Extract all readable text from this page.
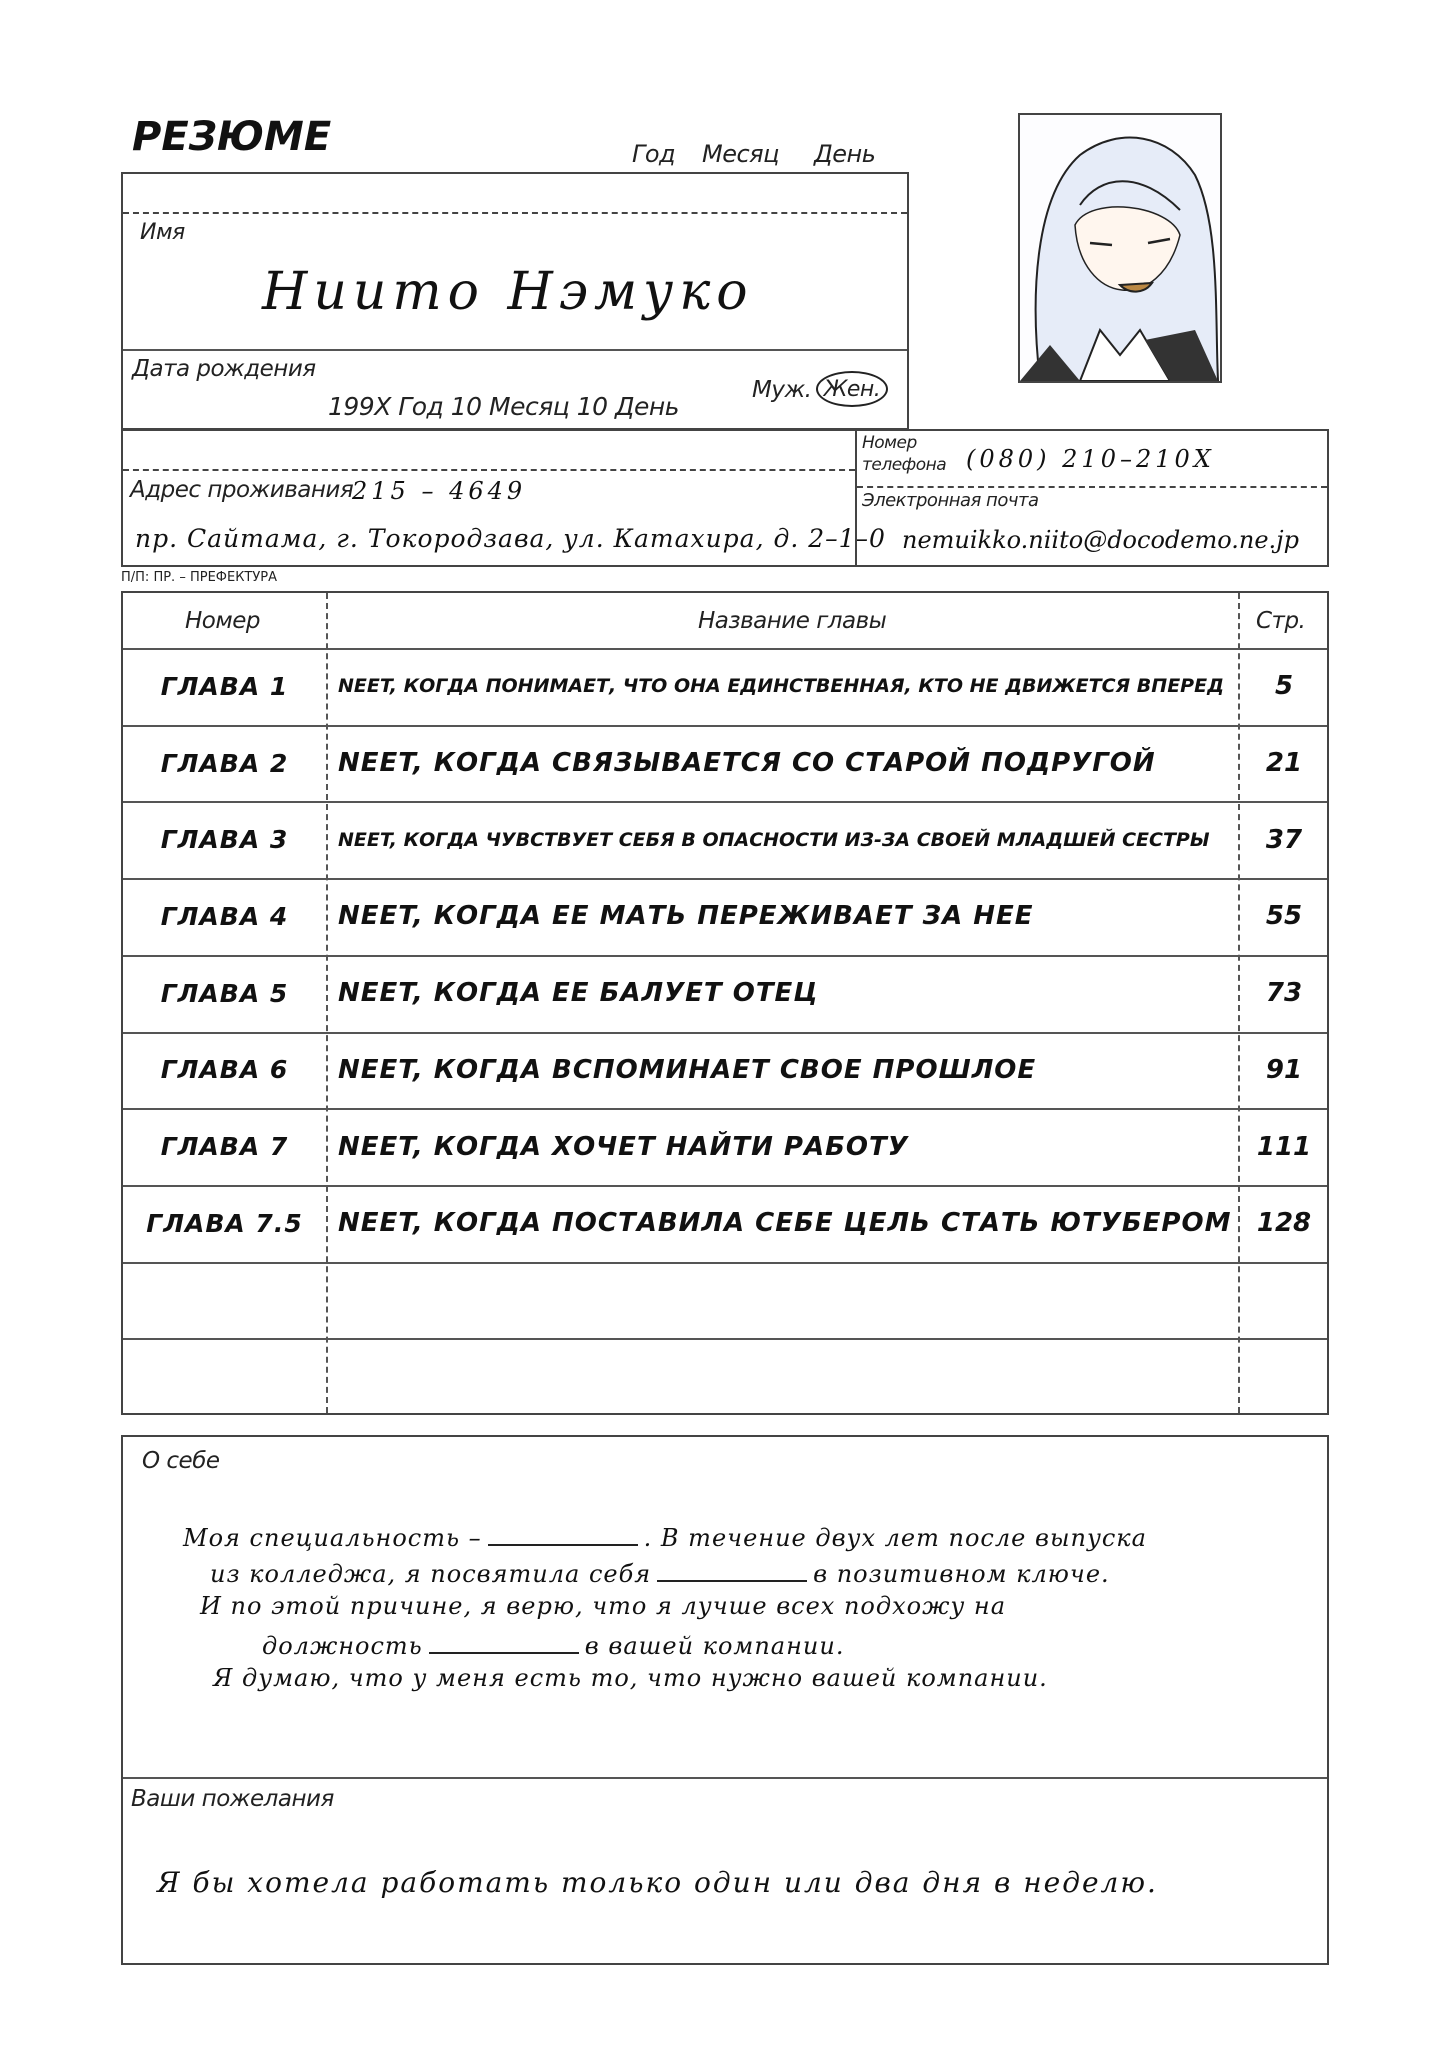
РЕЗЮМЕ	Год Месяц День
Имя
Ниито Нэмуко
Дата рождения
199X Год 10 Месяц 10 День
Муж. Жен.
Адрес проживания
215 – 4649
пр. Сайтама, г. Токородзава, ул. Катахира, д. 2–1–0
П/П: ПР. – ПРЕФЕКТУРА
Номер
телефона (080) 210–210X
Электронная почта
nemuikko.niito@docodemo.ne.jp
Номер	Название главы	Стр.
ГЛАВА 1	NEET, КОГДА ПОНИМАЕТ, ЧТО ОНА ЕДИНСТВЕННАЯ, КТО НЕ ДВИЖЕТСЯ ВПЕРЕД	5
ГЛАВА 2	NEET, КОГДА СВЯЗЫВАЕТСЯ СО СТАРОЙ ПОДРУГОЙ	21
ГЛАВА 3	NEET, КОГДА ЧУВСТВУЕТ СЕБЯ В ОПАСНОСТИ ИЗ-ЗА СВОЕЙ МЛАДШЕЙ СЕСТРЫ	37
ГЛАВА 4	NEET, КОГДА ЕЕ МАТЬ ПЕРЕЖИВАЕТ ЗА НЕЕ	55
ГЛАВА 5	NEET, КОГДА ЕЕ БАЛУЕТ ОТЕЦ	73
ГЛАВА 6	NEET, КОГДА ВСПОМИНАЕТ СВОЕ ПРОШЛОЕ	91
ГЛАВА 7	NEET, КОГДА ХОЧЕТ НАЙТИ РАБОТУ	111
ГЛАВА 7.5	NEET, КОГДА ПОСТАВИЛА СЕБЕ ЦЕЛЬ СТАТЬ ЮТУБЕРОМ 128
О себе
Моя специальность –	. В течение двух лет после выпуска
из колледжа, я посвятила себя	в позитивном ключе.
И по этой причине, я верю, что я лучше всех подхожу на
должность	в вашей компании.
Я думаю, что у меня есть то, что нужно вашей компании.
Ваши пожелания
Я бы хотела работать только один или два дня в неделю.
